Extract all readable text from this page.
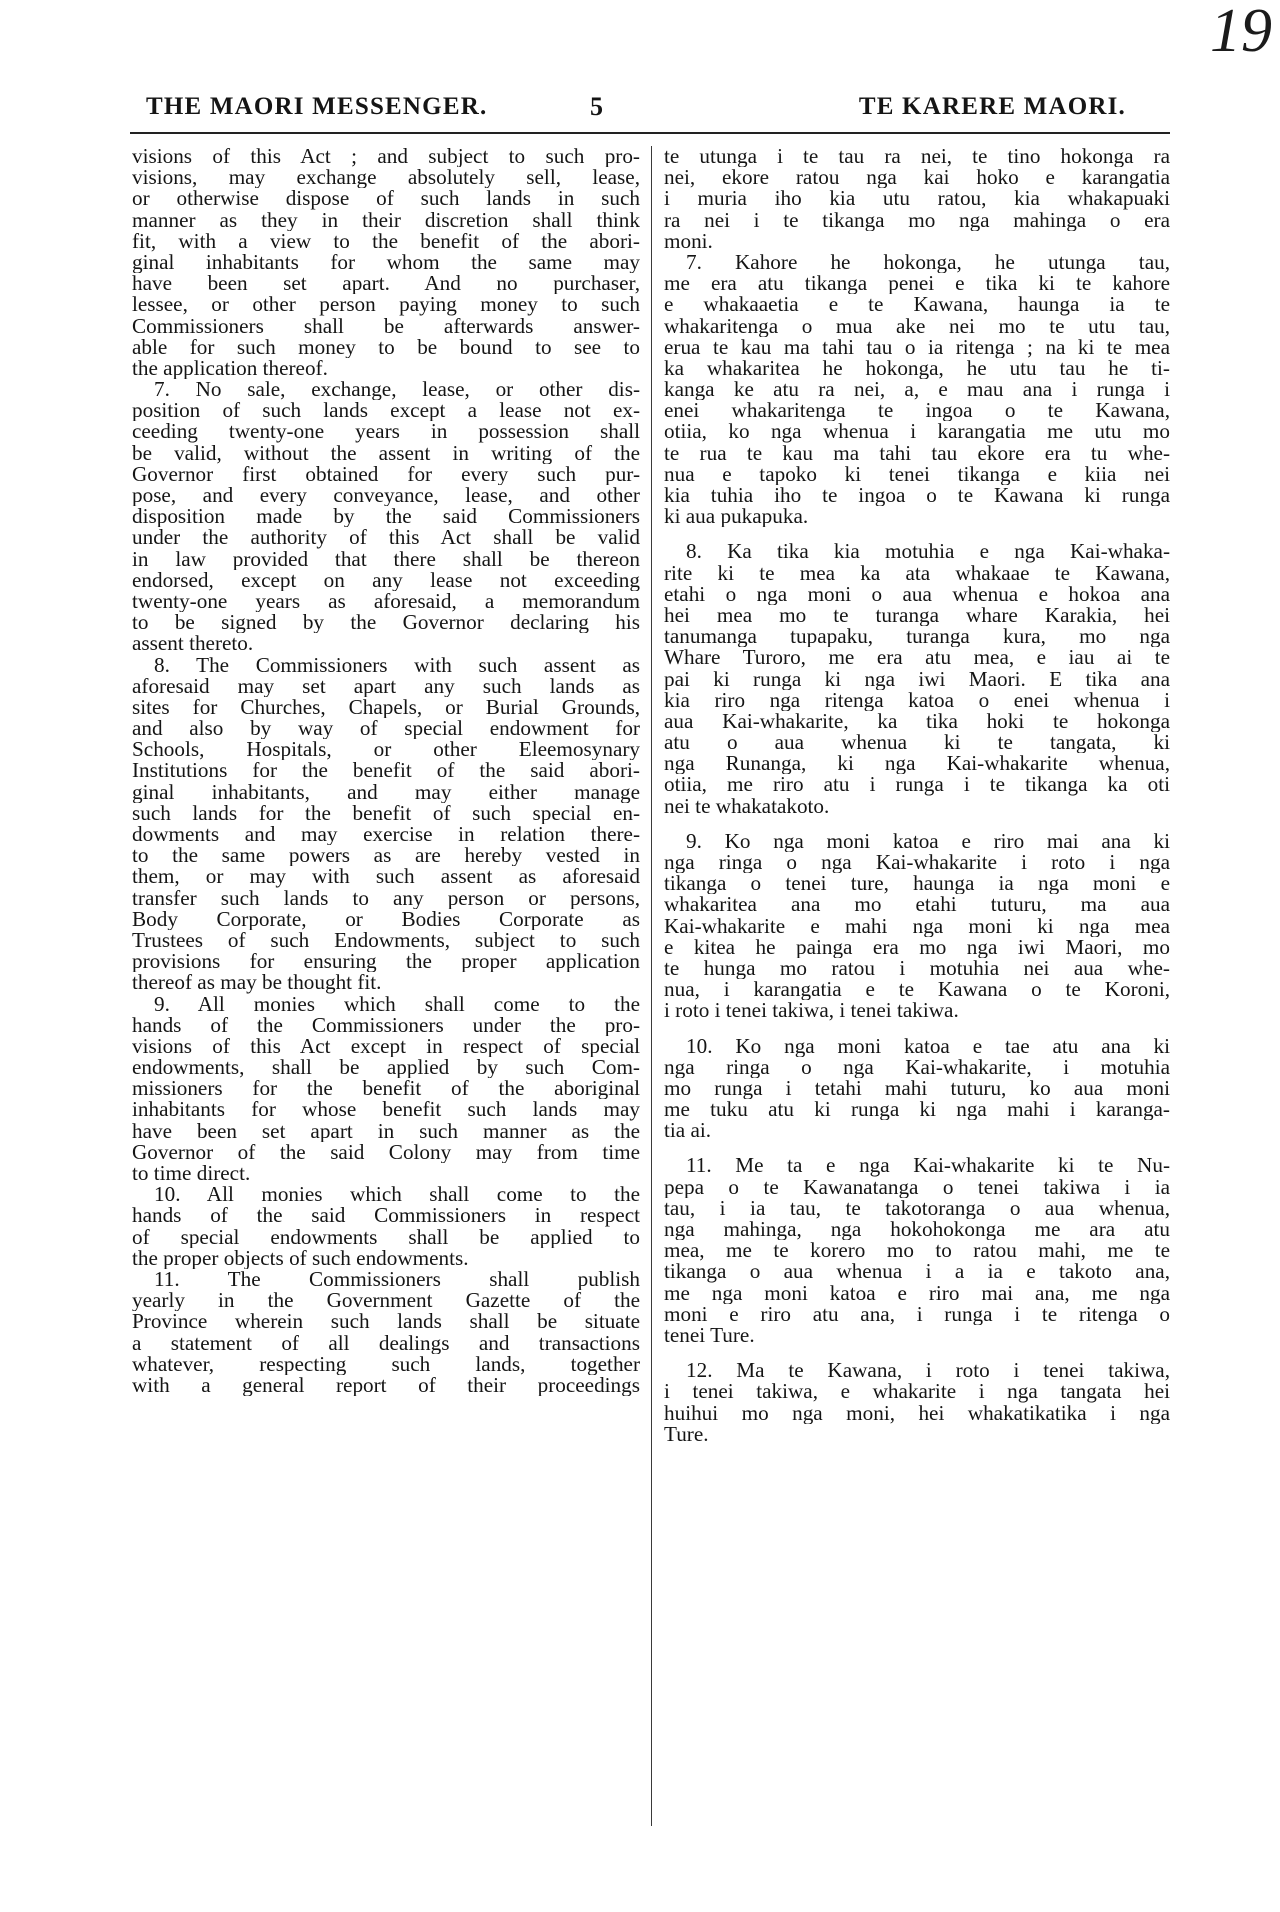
19
THE MAORI MESSENGER.	5	TE KARERE MAORI.
visions of this Act ; and subject to such pro-
visions, may exchange absolutely sell, lease,
or otherwise dispose of such lands in such
manner as they in their discretion shall think
fit, with a view to the benefit of the abori-
ginal inhabitants for whom the same may
have been set apart. And no purchaser,
lessee, or other person paying money to such
Commissioners shall be afterwards answer-
able for such money to be bound to see to
the application thereof.
7. No sale, exchange, lease, or other dis-
position of such lands except a lease not ex-
ceeding twenty-one years in possession shall
be valid, without the assent in writing of the
Governor first obtained for every such pur-
pose, and every conveyance, lease, and other
disposition made by the said Commissioners
under the authority of this Act shall be valid
in law provided that there shall be thereon
endorsed, except on any lease not exceeding
twenty-one years as aforesaid, a memorandum
to be signed by the Governor declaring his
assent thereto.
8. The Commissioners with such assent as
aforesaid may set apart any such lands as
sites for Churches, Chapels, or Burial Grounds,
and also by way of special endowment for
Schools, Hospitals, or other Eleemosynary
Institutions for the benefit of the said abori-
ginal inhabitants, and may either manage
such lands for the benefit of such special en-
dowments and may exercise in relation there-
to the same powers as are hereby vested in
them, or may with such assent as aforesaid
transfer such lands to any person or persons,
Body Corporate, or Bodies Corporate as
Trustees of such Endowments, subject to such
provisions for ensuring the proper application
thereof as may be thought fit.
9. All monies which shall come to the
hands of the Commissioners under the pro-
visions of this Act except in respect of special
endowments, shall be applied by such Com-
missioners for the benefit of the aboriginal
inhabitants for whose benefit such lands may
have been set apart in such manner as the
Governor of the said Colony may from time
to time direct.
10. All monies which shall come to the
hands of the said Commissioners in respect
of special endowments shall be applied to
the proper objects of such endowments.
11. The Commissioners shall publish
yearly in the Government Gazette of the
Province wherein such lands shall be situate
a statement of all dealings and transactions
whatever, respecting such lands, together
with a general report of their proceedings
te utunga i te tau ra nei, te tino hokonga ra
nei, ekore ratou nga kai hoko e karangatia
i muria iho kia utu ratou, kia whakapuaki
ra nei i te tikanga mo nga mahinga o era
moni.
7. Kahore he hokonga, he utunga tau,
me era atu tikanga penei e tika ki te kahore
e whakaaetia e te Kawana, haunga ia te
whakaritenga o mua ake nei mo te utu tau,
erua te kau ma tahi tau o ia ritenga ; na ki te mea
ka whakaritea he hokonga, he utu tau he ti-
kanga ke atu ra nei, a, e mau ana i runga i
enei whakaritenga te ingoa o te Kawana,
otiia, ko nga whenua i karangatia me utu mo
te rua te kau ma tahi tau ekore era tu whe-
nua e tapoko ki tenei tikanga e kiia nei
kia tuhia iho te ingoa o te Kawana ki runga
ki aua pukapuka.
8. Ka tika kia motuhia e nga Kai-whaka-
rite ki te mea ka ata whakaae te Kawana,
etahi o nga moni o aua whenua e hokoa ana
hei mea mo te turanga whare Karakia, hei
tanumanga tupapaku, turanga kura, mo nga
Whare Turoro, me era atu mea, e iau ai te
pai ki runga ki nga iwi Maori. E tika ana
kia riro nga ritenga katoa o enei whenua i
aua Kai-whakarite, ka tika hoki te hokonga
atu o aua whenua ki te tangata, ki
nga Runanga, ki nga Kai-whakarite whenua,
otiia, me riro atu i runga i te tikanga ka oti
nei te whakatakoto.
9. Ko nga moni katoa e riro mai ana ki
nga ringa o nga Kai-whakarite i roto i nga
tikanga o tenei ture, haunga ia nga moni e
whakaritea ana mo etahi tuturu, ma aua
Kai-whakarite e mahi nga moni ki nga mea
e kitea he painga era mo nga iwi Maori, mo
te hunga mo ratou i motuhia nei aua whe-
nua, i karangatia e te Kawana o te Koroni,
i roto i tenei takiwa, i tenei takiwa.
10. Ko nga moni katoa e tae atu ana ki
nga ringa o nga Kai-whakarite, i motuhia
mo runga i tetahi mahi tuturu, ko aua moni
me tuku atu ki runga ki nga mahi i karanga-
tia ai.
11. Me ta e nga Kai-whakarite ki te Nu-
pepa o te Kawanatanga o tenei takiwa i ia
tau, i ia tau, te takotoranga o aua whenua,
nga mahinga, nga hokohokonga me ara atu
mea, me te korero mo to ratou mahi, me te
tikanga o aua whenua i a ia e takoto ana,
me nga moni katoa e riro mai ana, me nga
moni e riro atu ana, i runga i te ritenga o
tenei Ture.
12. Ma te Kawana, i roto i tenei takiwa,
i tenei takiwa, e whakarite i nga tangata hei
huihui mo nga moni, hei whakatikatika i nga
Ture.
